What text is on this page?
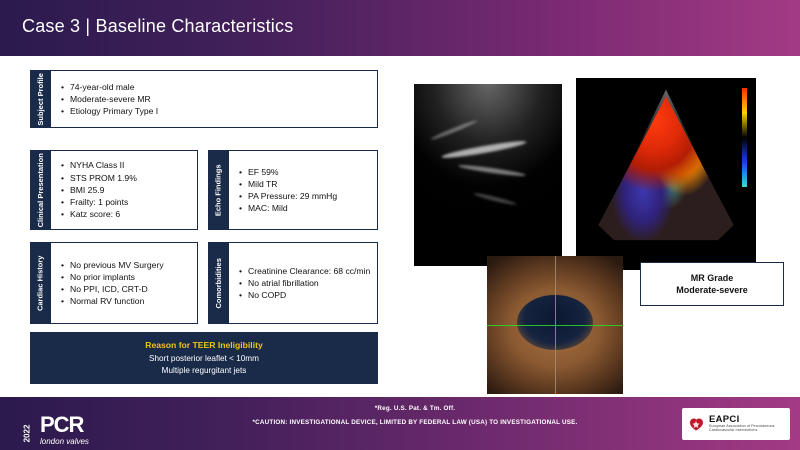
Case 3 | Baseline Characteristics
Subject Profile	• 74-year-old male
• Moderate-severe MR
• Etiology Primary Type I
Clinical Presentation	• NYHA Class II
• STS PROM 1.9%
• BMI 25.9
• Frailty: 1 points
• Katz score: 6	Echo Findings	• EF 59%
• Mild TR
• PA Pressure: 29 mmHg
• MAC: Mild
Cardiac History	• No previous MV Surgery
• No prior implants
• No PPI, ICD, CRT-D
• Normal RV function	Comorbidities	• Creatinine Clearance: 68 cc/min
• No atrial fibrillation
• No COPD
Reason for TEER Ineligibility
Short posterior leaflet < 10mm
Multiple regurgitant jets
MR Grade
Moderate-severe
2022 PCR
london valves
*Reg. U.S. Pat. & Tm. Off.
*CAUTION: INVESTIGATIONAL DEVICE, LIMITED BY FEDERAL LAW (USA) TO INVESTIGATIONAL USE.	EAPCI
European Association of Percutaneous Cardiovascular Interventions
